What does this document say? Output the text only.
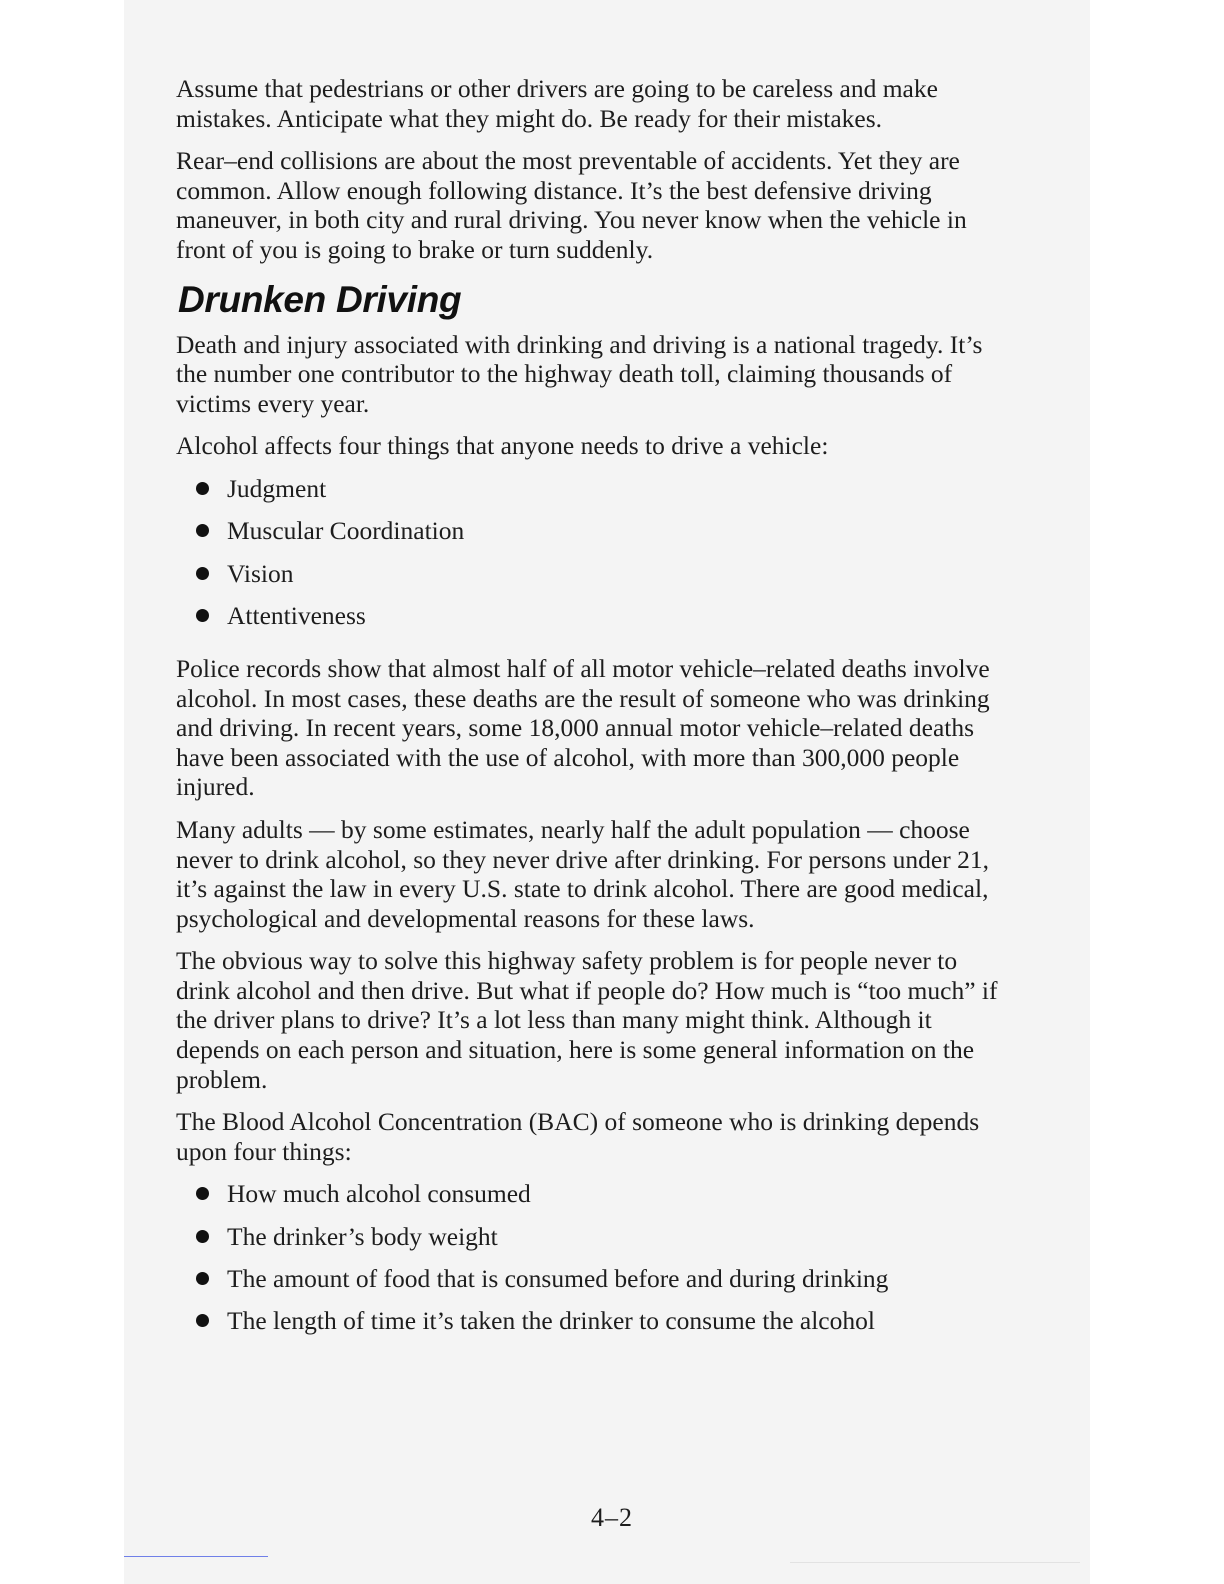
Assume that pedestrians or other drivers are going to be careless and make mistakes. Anticipate what they might do. Be ready for their mistakes.

Rear–end collisions are about the most preventable of accidents. Yet they are common. Allow enough following distance. It’s the best defensive driving maneuver, in both city and rural driving. You never know when the vehicle in front of you is going to brake or turn suddenly.

Drunken Driving

Death and injury associated with drinking and driving is a national tragedy. It’s the number one contributor to the highway death toll, claiming thousands of victims every year.

Alcohol affects four things that anyone needs to drive a vehicle:

Judgment
Muscular Coordination
Vision
Attentiveness

Police records show that almost half of all motor vehicle–related deaths involve alcohol. In most cases, these deaths are the result of someone who was drinking and driving. In recent years, some 18,000 annual motor vehicle–related deaths have been associated with the use of alcohol, with more than 300,000 people injured.

Many adults — by some estimates, nearly half the adult population — choose never to drink alcohol, so they never drive after drinking. For persons under 21, it’s against the law in every U.S. state to drink alcohol. There are good medical, psychological and developmental reasons for these laws.

The obvious way to solve this highway safety problem is for people never to drink alcohol and then drive. But what if people do? How much is “too much” if the driver plans to drive? It’s a lot less than many might think. Although it depends on each person and situation, here is some general information on the problem.

The Blood Alcohol Concentration (BAC) of someone who is drinking depends upon four things:

How much alcohol consumed
The drinker’s body weight
The amount of food that is consumed before and during drinking
The length of time it’s taken the drinker to consume the alcohol
4–2
